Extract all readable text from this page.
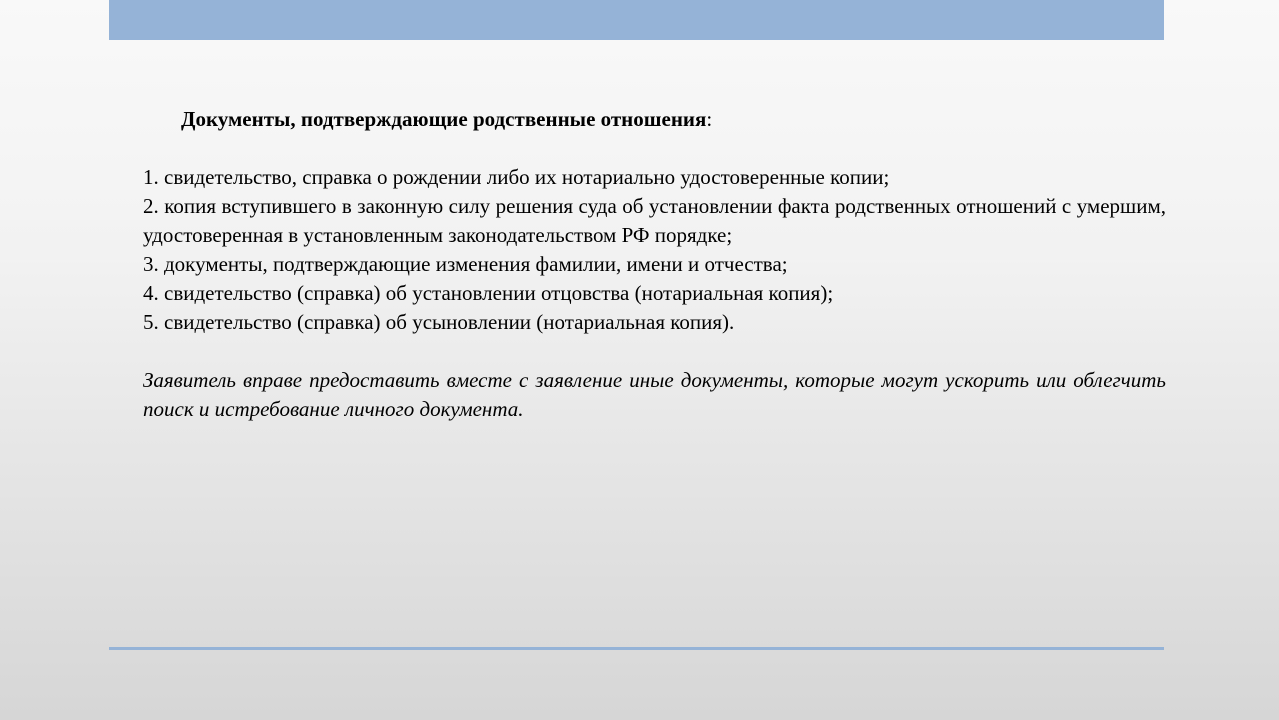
Документы, подтверждающие родственные отношения:

1. свидетельство, справка о рождении либо их нотариально удостоверенные копии;
2. копия вступившего в законную силу решения суда об установлении факта родственных отношений с умершим, удостоверенная в установленным законодательством РФ порядке;
3. документы, подтверждающие изменения фамилии, имени и отчества;
4. свидетельство (справка) об установлении отцовства (нотариальная копия);
5. свидетельство (справка) об усыновлении (нотариальная копия).

Заявитель вправе предоставить вместе с заявление иные документы, которые могут ускорить или облегчить поиск и истребование личного документа.
